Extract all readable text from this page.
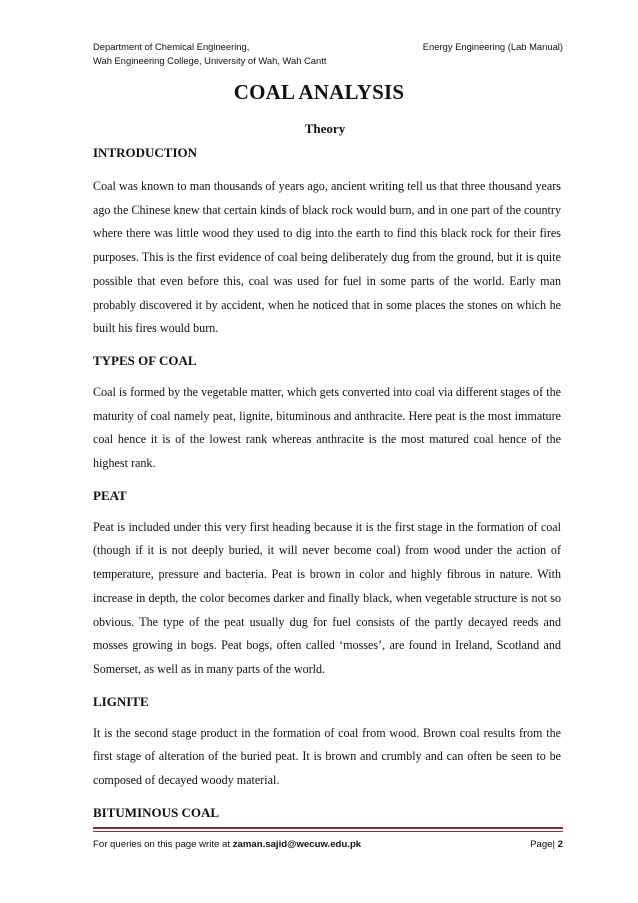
Department of Chemical Engineering,	Energy Engineering (Lab Manual)
Wah Engineering College, University of Wah, Wah Cantt
COAL ANALYSIS
Theory
INTRODUCTION

Coal was known to man thousands of years ago, ancient writing tell us that three thousand years ago the Chinese knew that certain kinds of black rock would burn, and in one part of the country where there was little wood they used to dig into the earth to find this black rock for their fires purposes. This is the first evidence of coal being deliberately dug from the ground, but it is quite possible that even before this, coal was used for fuel in some parts of the world. Early man probably discovered it by accident, when he noticed that in some places the stones on which he built his fires would burn.

TYPES OF COAL

Coal is formed by the vegetable matter, which gets converted into coal via different stages of the maturity of coal namely peat, lignite, bituminous and anthracite. Here peat is the most immature coal hence it is of the lowest rank whereas anthracite is the most matured coal hence of the highest rank.

PEAT

Peat is included under this very first heading because it is the first stage in the formation of coal (though if it is not deeply buried, it will never become coal) from wood under the action of temperature, pressure and bacteria. Peat is brown in color and highly fibrous in nature. With increase in depth, the color becomes darker and finally black, when vegetable structure is not so obvious. The type of the peat usually dug for fuel consists of the partly decayed reeds and mosses growing in bogs. Peat bogs, often called ‘mosses’, are found in Ireland, Scotland and Somerset, as well as in many parts of the world.

LIGNITE

It is the second stage product in the formation of coal from wood. Brown coal results from the first stage of alteration of the buried peat. It is brown and crumbly and can often be seen to be composed of decayed woody material.

BITUMINOUS COAL
For queries on this page write at zaman.sajid@wecuw.edu.pk	Page| 2
